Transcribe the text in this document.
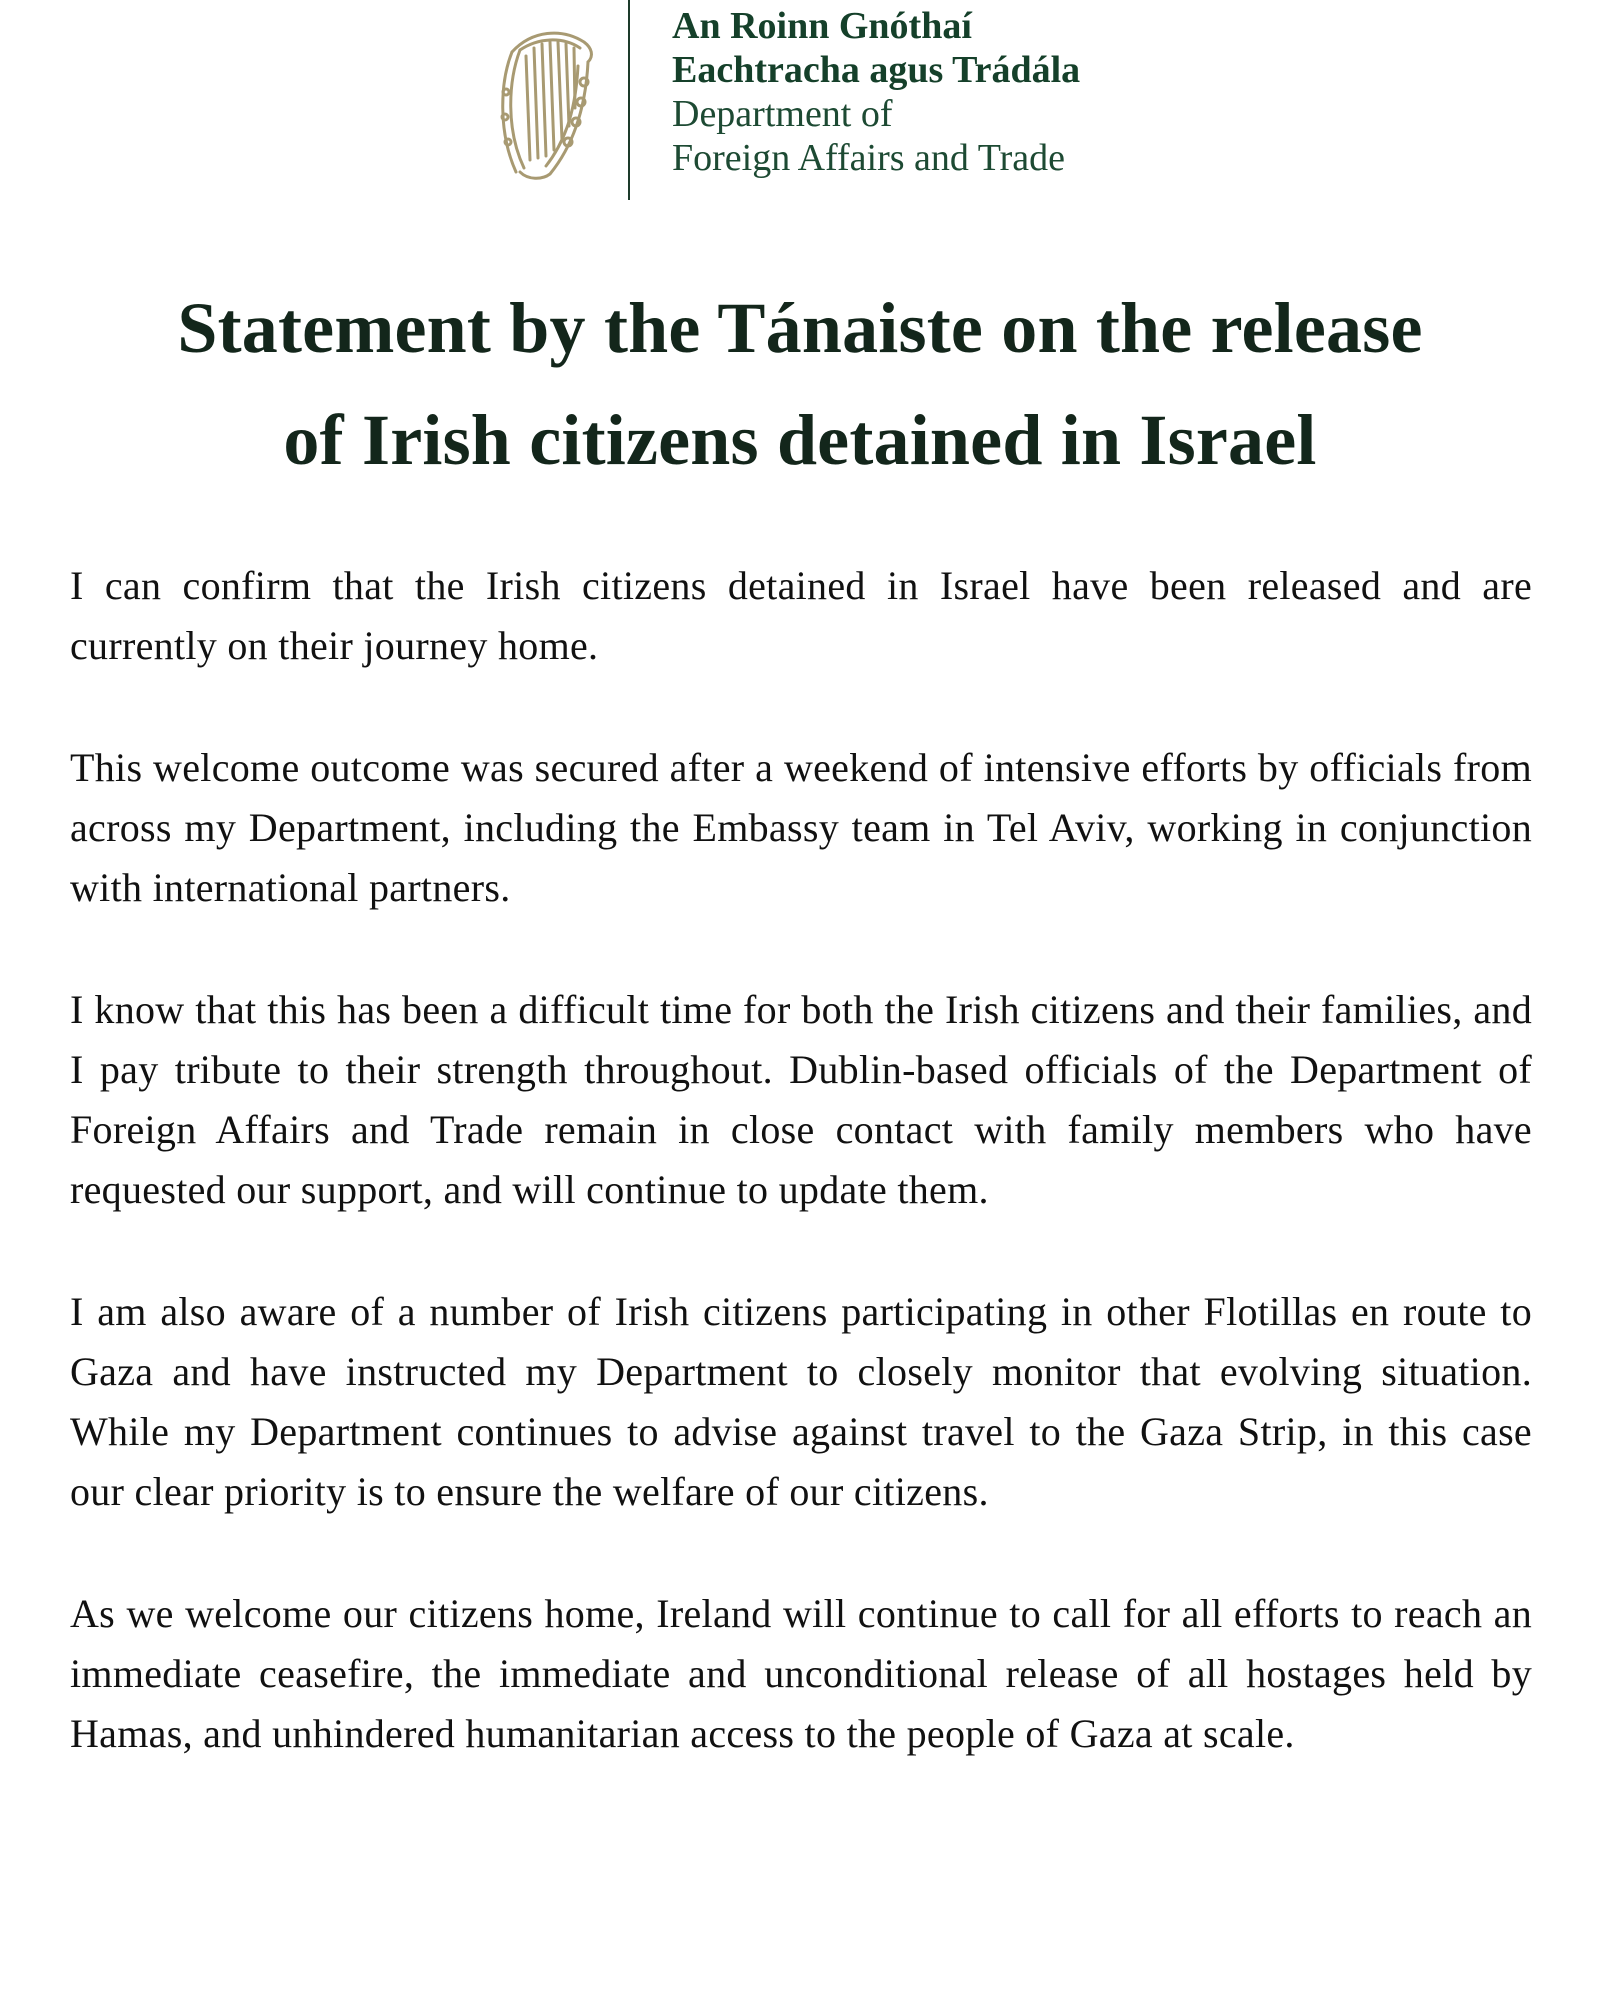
An Roinn Gnóthaí
Eachtracha agus Trádála
Department of
Foreign Affairs and Trade
Statement by the Tánaiste on the release
of Irish citizens detained in Israel

I can confirm that the Irish citizens detained in Israel have been released and are currently on their journey home.

This welcome outcome was secured after a weekend of intensive efforts by officials from across my Department, including the Embassy team in Tel Aviv, working in conjunction with international partners.

I know that this has been a difficult time for both the Irish citizens and their families, and I pay tribute to their strength throughout. Dublin-based officials of the Department of Foreign Affairs and Trade remain in close contact with family members who have requested our support, and will continue to update them.

I am also aware of a number of Irish citizens participating in other Flotillas en route to Gaza and have instructed my Department to closely monitor that evolving situation. While my Department continues to advise against travel to the Gaza Strip, in this case our clear priority is to ensure the welfare of our citizens.

As we welcome our citizens home, Ireland will continue to call for all efforts to reach an immediate ceasefire, the immediate and unconditional release of all hostages held by Hamas, and unhindered humanitarian access to the people of Gaza at scale.
